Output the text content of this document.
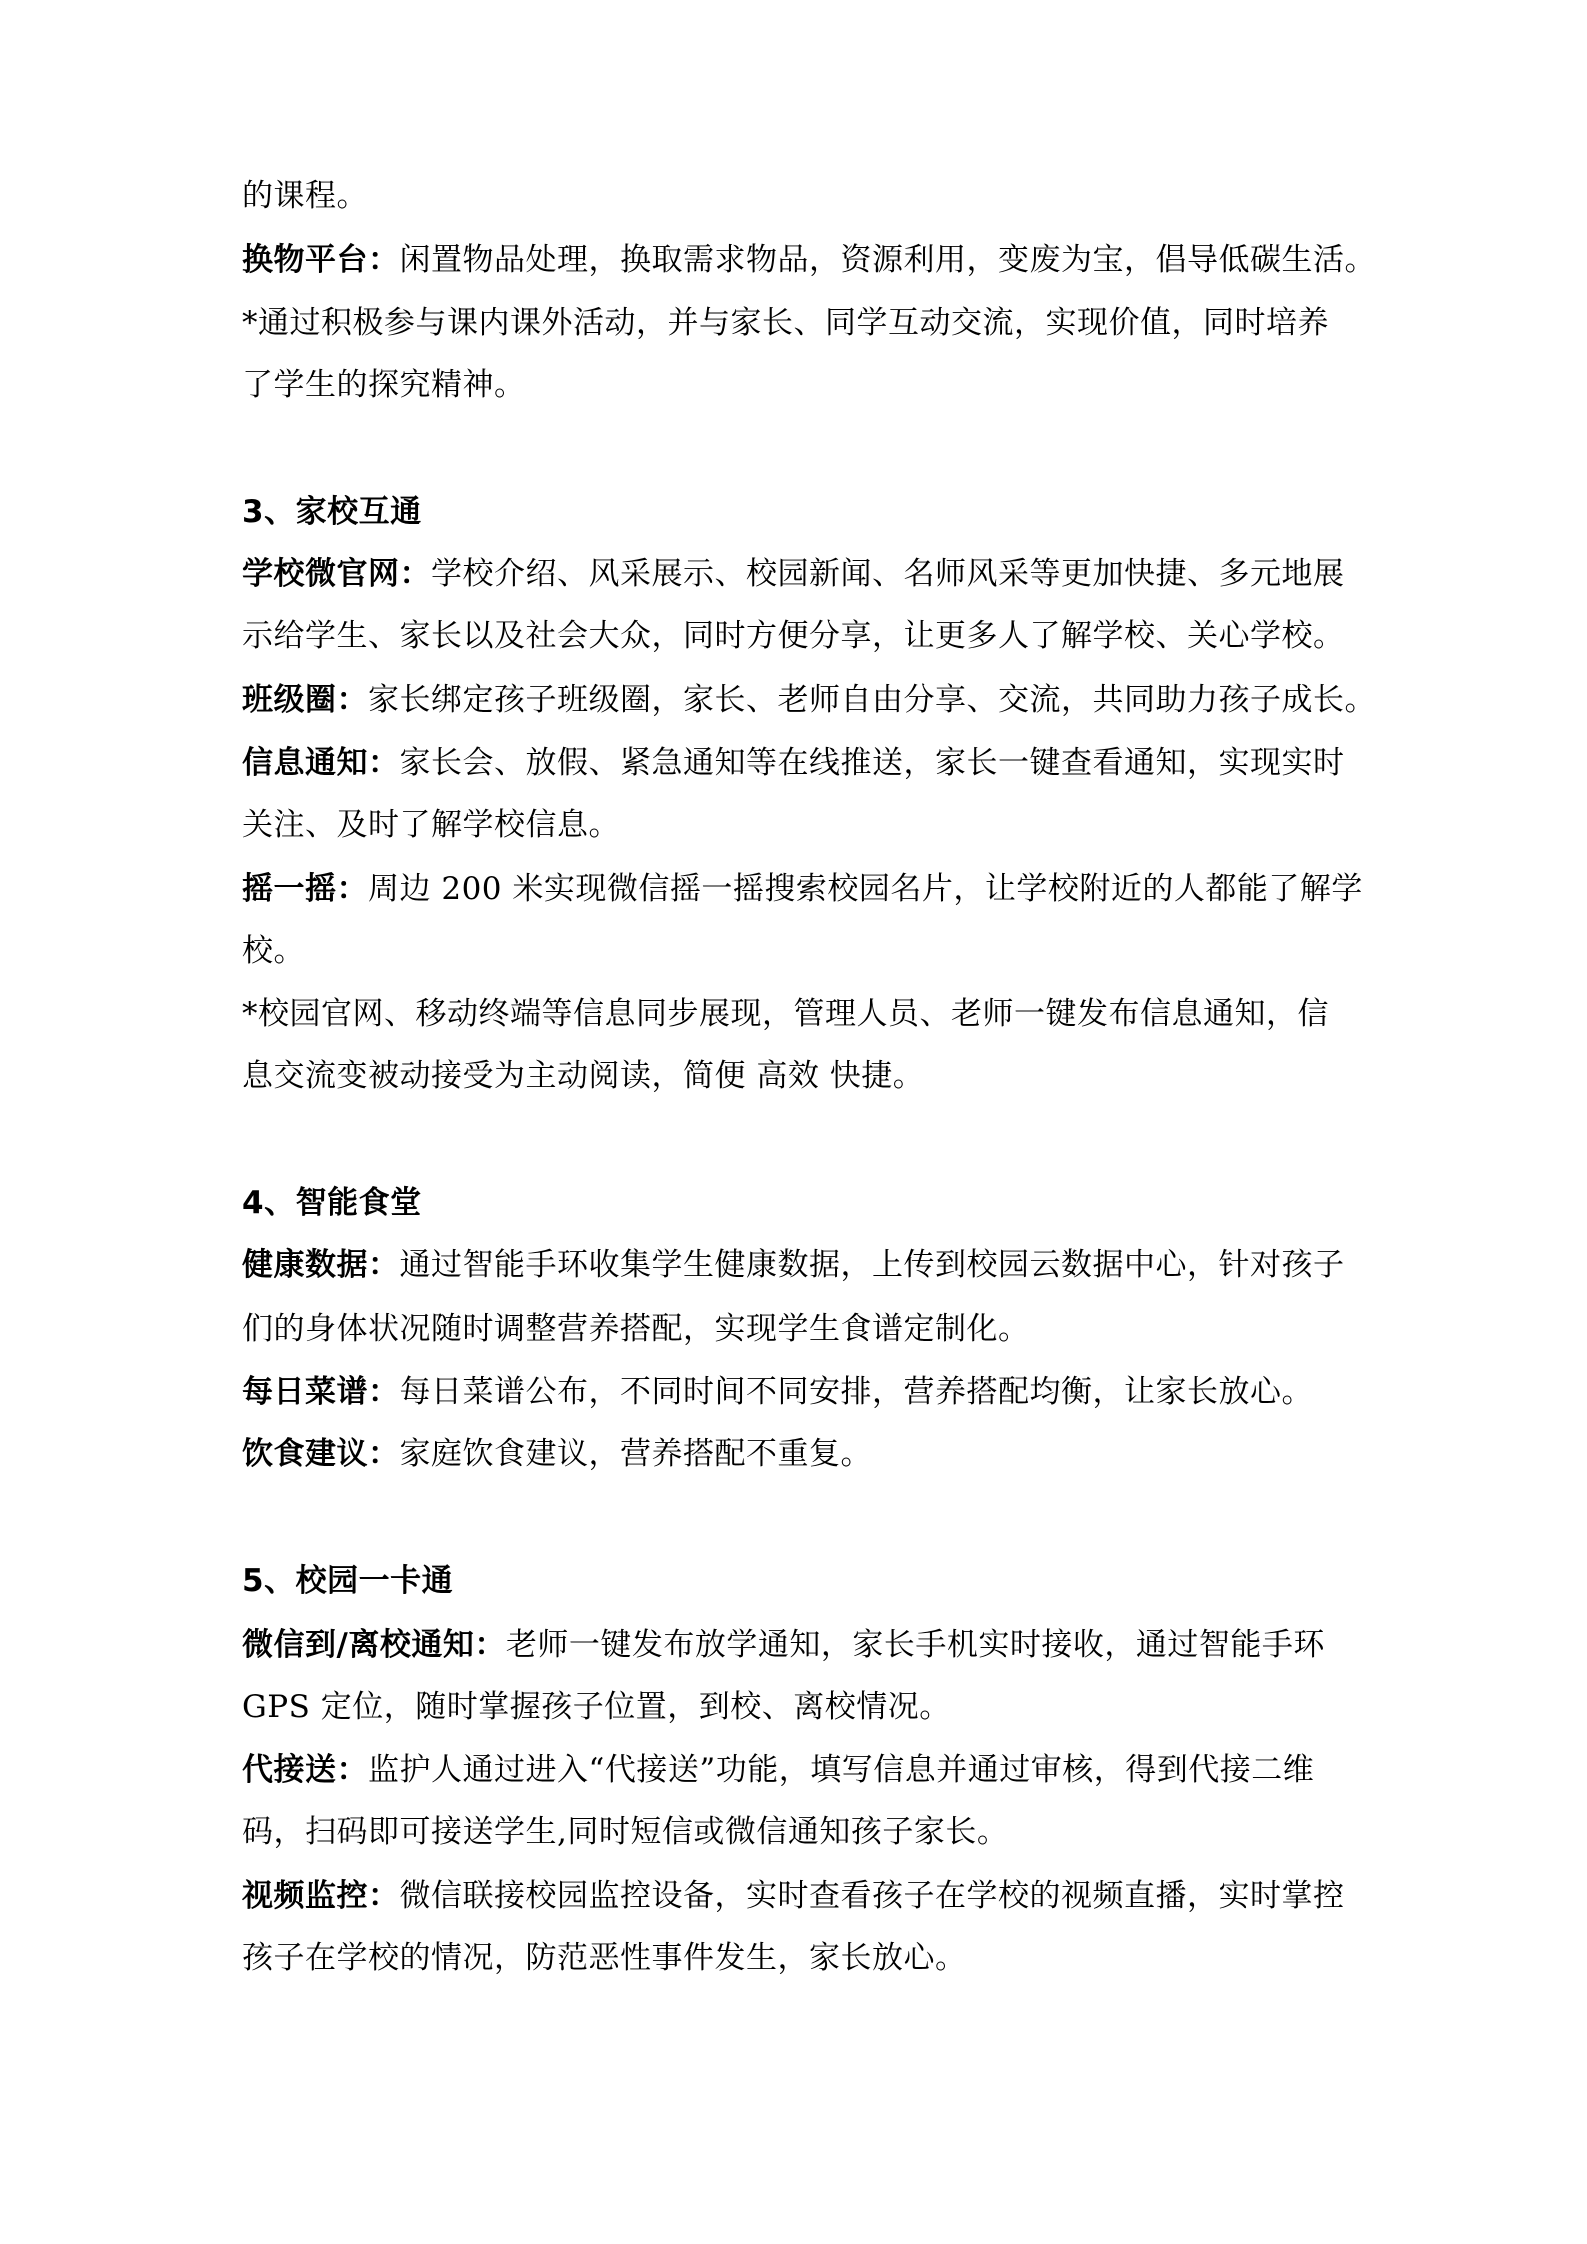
的课程。
换物平台：闲置物品处理，换取需求物品，资源利用，变废为宝，倡导低碳生活。
*通过积极参与课内课外活动，并与家长、同学互动交流，实现价值，同时培养
了学生的探究精神。
3、家校互通
学校微官网：学校介绍、风采展示、校园新闻、名师风采等更加快捷、多元地展
示给学生、家长以及社会大众，同时方便分享，让更多人了解学校、关心学校。
班级圈：家长绑定孩子班级圈，家长、老师自由分享、交流，共同助力孩子成长。
信息通知：家长会、放假、紧急通知等在线推送，家长一键查看通知，实现实时
关注、及时了解学校信息。
摇一摇：周边 200 米实现微信摇一摇搜索校园名片，让学校附近的人都能了解学
校。
*校园官网、移动终端等信息同步展现，管理人员、老师一键发布信息通知，信
息交流变被动接受为主动阅读，简便 高效 快捷。
4、智能食堂
健康数据：通过智能手环收集学生健康数据，上传到校园云数据中心，针对孩子
们的身体状况随时调整营养搭配，实现学生食谱定制化。
每日菜谱：每日菜谱公布，不同时间不同安排，营养搭配均衡，让家长放心。
饮食建议：家庭饮食建议，营养搭配不重复。
5、校园一卡通
微信到/离校通知：老师一键发布放学通知，家长手机实时接收，通过智能手环
GPS 定位，随时掌握孩子位置，到校、离校情况。
代接送：监护人通过进入“代接送”功能，填写信息并通过审核，得到代接二维
码，扫码即可接送学生,同时短信或微信通知孩子家长。
视频监控：微信联接校园监控设备，实时查看孩子在学校的视频直播，实时掌控
孩子在学校的情况，防范恶性事件发生，家长放心。
